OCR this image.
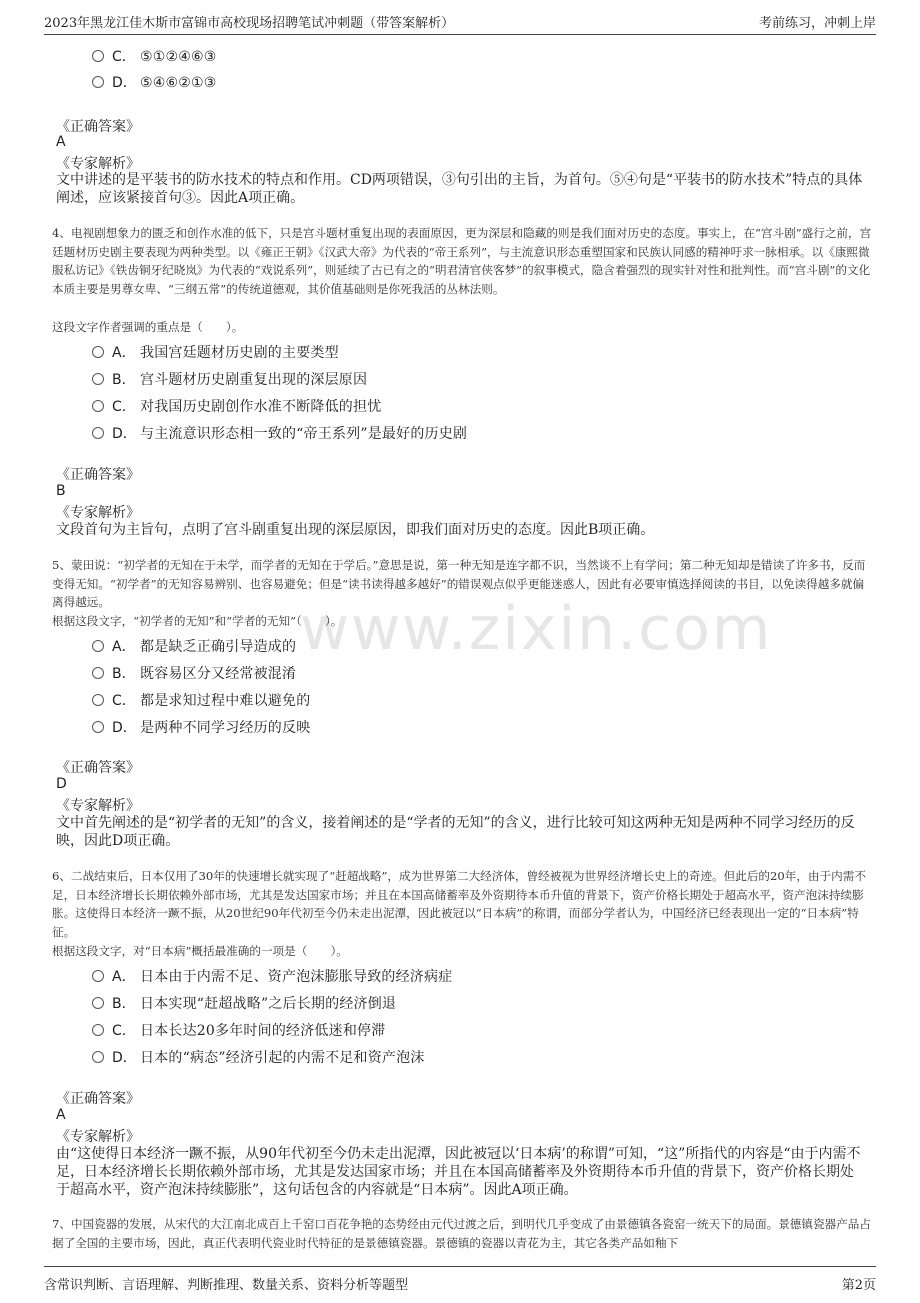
2023年黑龙江佳木斯市富锦市高校现场招聘笔试冲刺题（带答案解析）	考前练习，冲刺上岸
www.zixin.com
C． ⑤①②④⑥③
D． ⑤④⑥②①③
《正确答案》
A
《专家解析》
文中讲述的是平装书的防水技术的特点和作用。CD两项错误，③句引出的主旨，为首句。⑤④句是“平装书的防水技术”特点的具体阐述，应该紧接首句③。因此A项正确。
4、电视剧想象力的匮乏和创作水准的低下，只是宫斗题材重复出现的表面原因，更为深层和隐藏的则是我们面对历史的态度。事实上，在“宫斗剧”盛行之前，宫廷题材历史剧主要表现为两种类型。以《雍正王朝》《汉武大帝》为代表的“帝王系列”，与主流意识形态重塑国家和民族认同感的精神吁求一脉相承。以《康熙微服私访记》《铁齿铜牙纪晓岚》为代表的“戏说系列”，则延续了古已有之的“明君清官侠客梦”的叙事模式，隐含着强烈的现实针对性和批判性。而“宫斗剧”的文化本质主要是男尊女卑、“三纲五常”的传统道德观，其价值基础则是你死我活的丛林法则。
这段文字作者强调的重点是（　　）。
A． 我国宫廷题材历史剧的主要类型
B． 宫斗题材历史剧重复出现的深层原因
C． 对我国历史剧创作水准不断降低的担忧
D． 与主流意识形态相一致的“帝王系列”是最好的历史剧
《正确答案》
B
《专家解析》
文段首句为主旨句，点明了宫斗剧重复出现的深层原因，即我们面对历史的态度。因此B项正确。
5、蒙田说：“初学者的无知在于未学，而学者的无知在于学后。”意思是说，第一种无知是连字都不识，当然谈不上有学问；第二种无知却是错读了许多书，反而变得无知。“初学者”的无知容易辨别、也容易避免；但是“读书读得越多越好”的错误观点似乎更能迷惑人，因此有必要审慎选择阅读的书目，以免读得越多就偏离得越远。
根据这段文字，“初学者的无知”和“学者的无知”（　　）。
A． 都是缺乏正确引导造成的
B． 既容易区分又经常被混淆
C． 都是求知过程中难以避免的
D． 是两种不同学习经历的反映
《正确答案》
D
《专家解析》
文中首先阐述的是“初学者的无知”的含义，接着阐述的是“学者的无知”的含义，进行比较可知这两种无知是两种不同学习经历的反映，因此D项正确。
6、二战结束后，日本仅用了30年的快速增长就实现了“赶超战略”，成为世界第二大经济体，曾经被视为世界经济增长史上的奇迹。但此后的20年，由于内需不足，日本经济增长长期依赖外部市场，尤其是发达国家市场；并且在本国高储蓄率及外资期待本币升值的背景下，资产价格长期处于超高水平，资产泡沫持续膨胀。这使得日本经济一蹶不振，从20世纪90年代初至今仍未走出泥潭，因此被冠以“日本病”的称谓，而部分学者认为，中国经济已经表现出一定的“日本病”特征。
根据这段文字，对“日本病”概括最准确的一项是（　　）。
A． 日本由于内需不足、资产泡沫膨胀导致的经济病症
B． 日本实现“赶超战略”之后长期的经济倒退
C． 日本长达20多年时间的经济低迷和停滞
D． 日本的“病态”经济引起的内需不足和资产泡沫
《正确答案》
A
《专家解析》
由“这使得日本经济一蹶不振，从90年代初至今仍未走出泥潭，因此被冠以‘日本病’的称谓”可知，“这”所指代的内容是“由于内需不足，日本经济增长长期依赖外部市场，尤其是发达国家市场；并且在本国高储蓄率及外资期待本币升值的背景下，资产价格长期处于超高水平，资产泡沫持续膨胀”，这句话包含的内容就是“日本病”。因此A项正确。
7、中国瓷器的发展，从宋代的大江南北成百上千窑口百花争艳的态势经由元代过渡之后，到明代几乎变成了由景德镇各瓷窑一统天下的局面。景德镇瓷器产品占据了全国的主要市场，因此，真正代表明代瓷业时代特征的是景德镇瓷器。景德镇的瓷器以青花为主，其它各类产品如釉下
含常识判断、言语理解、判断推理、数量关系、资料分析等题型	第2页
